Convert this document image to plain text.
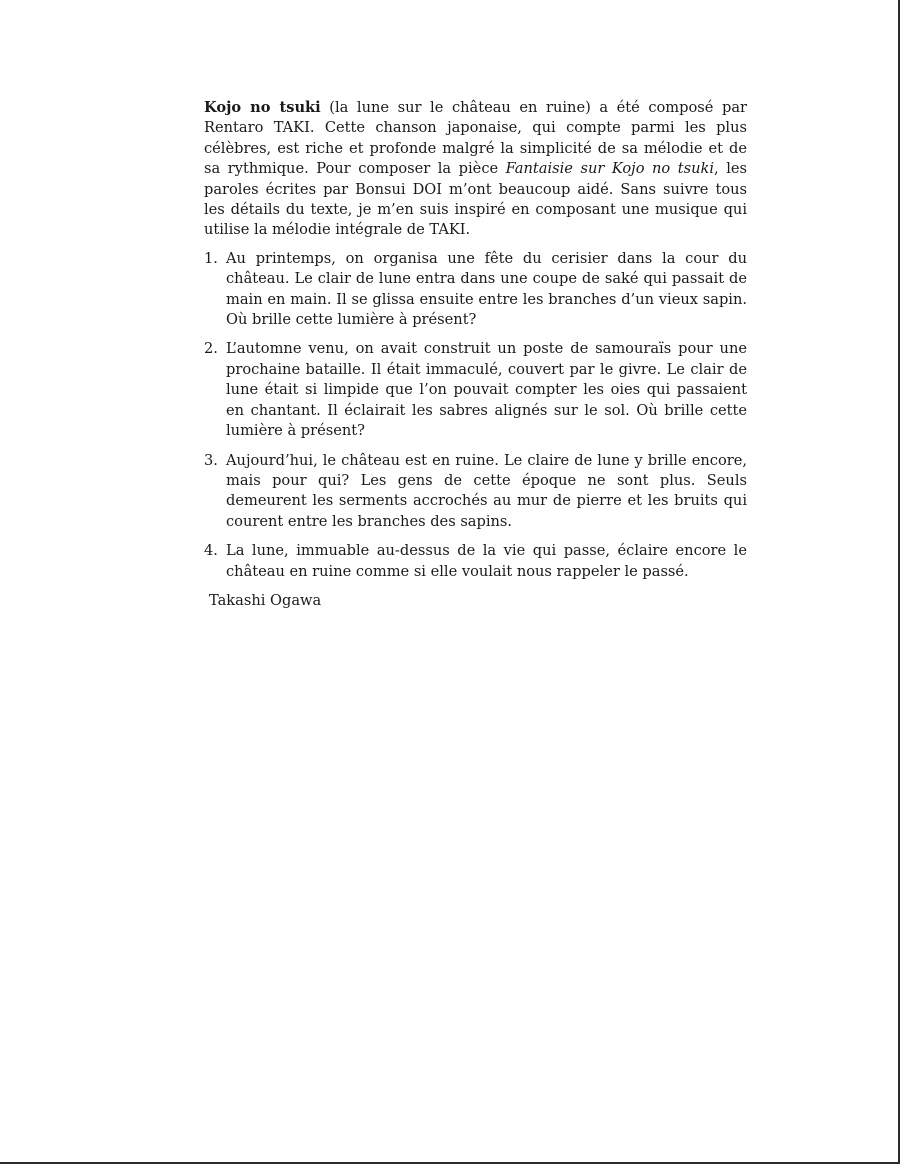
Kojo no tsuki (la lune sur le château en ruine) a été composé par Rentaro TAKI. Cette chanson japonaise, qui compte parmi les plus célèbres, est riche et profonde malgré la simplicité de sa mélodie et de sa rythmique. Pour composer la pièce Fantaisie sur Kojo no tsuki, les paroles écrites par Bonsui DOI m’ont beaucoup aidé. Sans suivre tous les détails du texte, je m’en suis inspiré en composant une musique qui utilise la mélodie intégrale de TAKI.

1. Au printemps, on organisa une fête du cerisier dans la cour du château. Le clair de lune entra dans une coupe de saké qui passait de main en main. Il se glissa ensuite entre les branches d’un vieux sapin. Où brille cette lumière à présent?
2. L’automne venu, on avait construit un poste de samouraïs pour une prochaine bataille. Il était immaculé, couvert par le givre. Le clair de lune était si limpide que l’on pouvait compter les oies qui passaient en chantant. Il éclairait les sabres alignés sur le sol. Où brille cette lumière à présent?
3. Aujourd’hui, le château est en ruine. Le claire de lune y brille encore, mais pour qui? Les gens de cette époque ne sont plus. Seuls demeurent les serments accrochés au mur de pierre et les bruits qui courent entre les branches des sapins.
4. La lune, immuable au-dessus de la vie qui passe, éclaire encore le château en ruine comme si elle voulait nous rappeler le passé.
Takashi Ogawa
